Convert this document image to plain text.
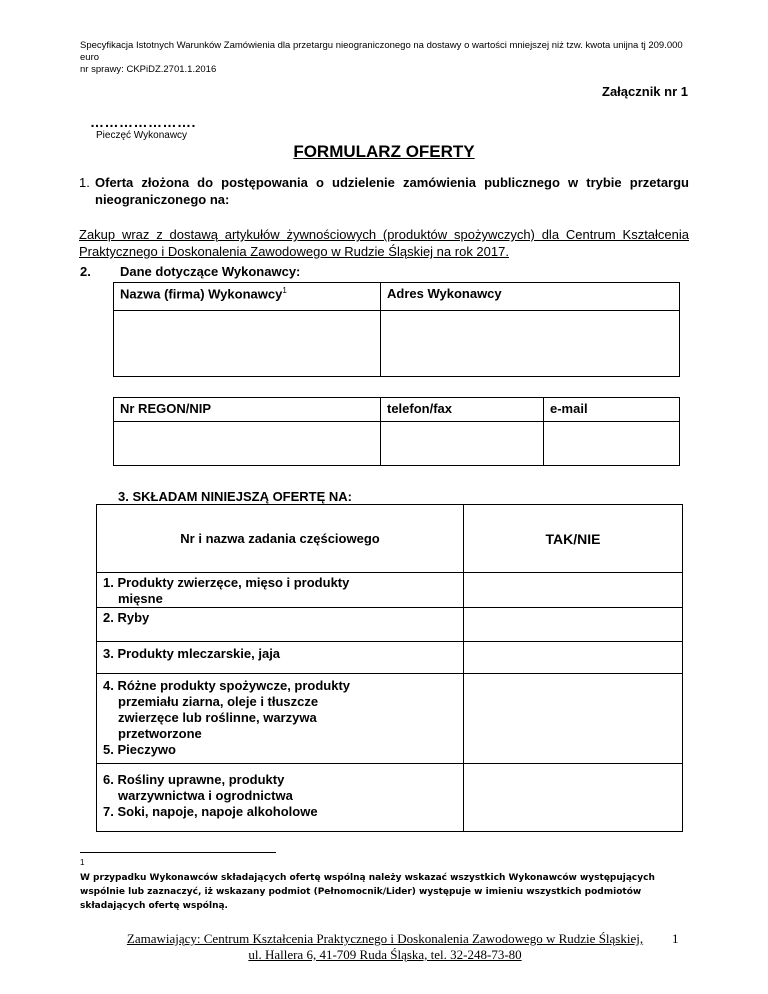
Specyfikacja Istotnych Warunków Zamówienia dla przetargu nieograniczonego na dostawy o wartości mniejszej niż tzw. kwota unijna tj 209.000 euro
nr sprawy: CKPiDZ.2701.1.2016
Załącznik nr 1
………………….
Pieczęć Wykonawcy
FORMULARZ OFERTY
1. Oferta złożona do postępowania o udzielenie zamówienia publicznego w trybie przetargu nieograniczonego na:
Zakup wraz z dostawą artykułów żywnościowych (produktów spożywczych) dla Centrum Kształcenia Praktycznego i Doskonalenia Zawodowego w Rudzie Śląskiej na rok 2017.
2. Dane dotyczące Wykonawcy:
Nazwa (firma) Wykonawcy$^1$	Adres Wykonawcy

Nr REGON/NIP	telefon/fax	e-mail

3. SKŁADAM NINIEJSZĄ OFERTĘ NA:
Nr i nazwa zadania częściowego	TAK/NIE
1. Produkty zwierzęce, mięso i produkty
mięsne	

2. Ryby	
3. Produkty mleczarskie, jaja	
4. Różne produkty spożywcze, produkty
przemiału ziarna, oleje i tłuszcze
zwierzęce lub roślinne, warzywa
przetworzone
5. Pieczywo	

6. Rośliny uprawne, produkty
warzywnictwa i ogrodnictwa
7. Soki, napoje, napoje alkoholowe	

1
W przypadku Wykonawców składających ofertę wspólną należy wskazać wszystkich Wykonawców występujących wspólnie lub zaznaczyć, iż wskazany podmiot (Pełnomocnik/Lider) występuje w imieniu wszystkich podmiotów składających ofertę wspólną.
Zamawiający: Centrum Kształcenia Praktycznego i Doskonalenia Zawodowego w Rudzie Śląskiej,
ul. Hallera 6, 41-709 Ruda Śląska, tel. 32-248-73-80
1
